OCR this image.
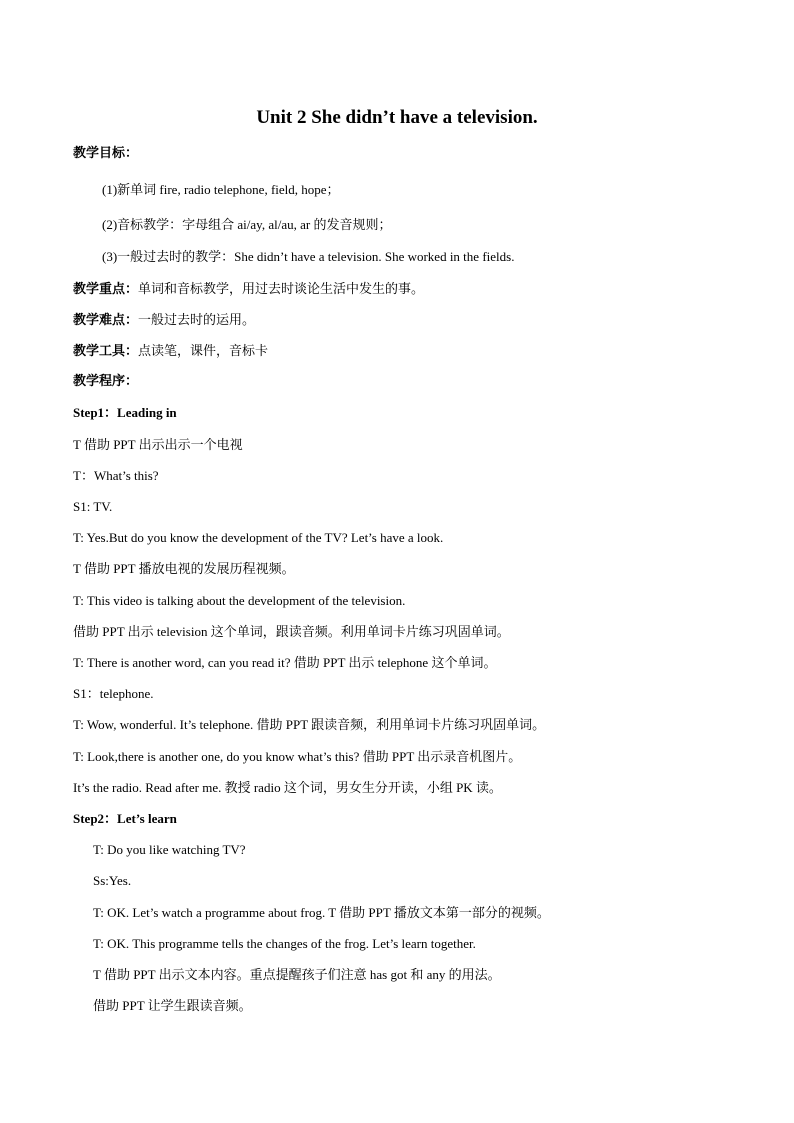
Unit 2 She didn’t have a television.
教学目标：
(1)新单词 fire, radio telephone, field, hope；
(2)音标教学：字母组合 ai/ay, al/au, ar 的发音规则；
(3)一般过去时的教学：She didn’t have a television. She worked in the fields.
教学重点：单词和音标教学，用过去时谈论生活中发生的事。
教学难点：一般过去时的运用。
教学工具：点读笔，课件，音标卡
教学程序：
Step1：Leading in
T 借助 PPT 出示出示一个电视
T：What’s this?
S1: TV.
T: Yes.But do you know the development of the TV? Let’s have a look.
T 借助 PPT 播放电视的发展历程视频。
T: This video is talking about the development of the television.
借助 PPT 出示 television 这个单词，跟读音频。利用单词卡片练习巩固单词。
T: There is another word, can you read it? 借助 PPT 出示 telephone 这个单词。
S1：telephone.
T: Wow, wonderful. It’s telephone. 借助 PPT 跟读音频，利用单词卡片练习巩固单词。
T: Look,there is another one, do you know what’s this? 借助 PPT 出示录音机图片。
It’s the radio. Read after me. 教授 radio 这个词，男女生分开读，小组 PK 读。
Step2：Let’s learn
T: Do you like watching TV?
Ss:Yes.
T: OK. Let’s watch a programme about frog. T 借助 PPT 播放文本第一部分的视频。
T: OK. This programme tells the changes of the frog. Let’s learn together.
T 借助 PPT 出示文本内容。重点提醒孩子们注意 has got 和 any 的用法。
借助 PPT 让学生跟读音频。
